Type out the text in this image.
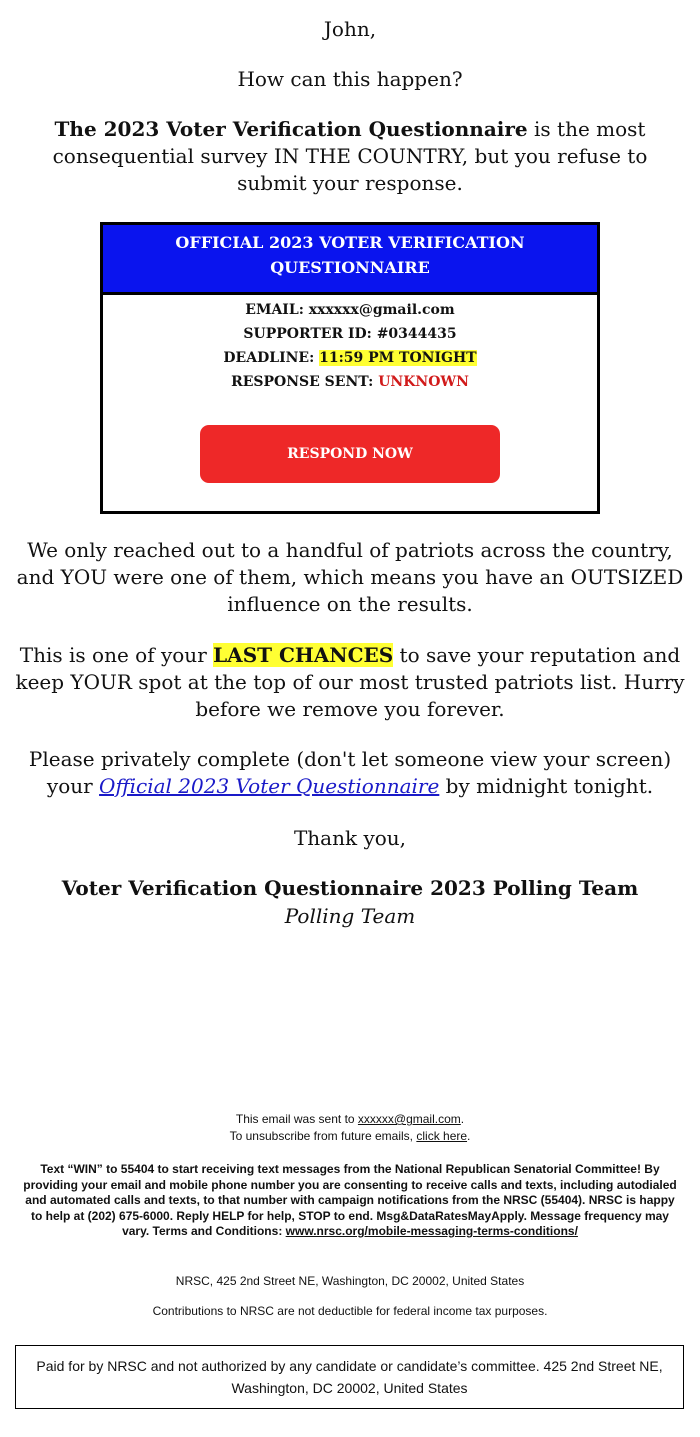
John,

How can this happen?

The 2023 Voter Verification Questionnaire is the most consequential survey IN THE COUNTRY, but you refuse to submit your response.

OFFICIAL 2023 VOTER VERIFICATION QUESTIONNAIRE

EMAIL: xxxxxx@gmail.com

SUPPORTER ID: #0344435

DEADLINE: 11:59 PM TONIGHT

RESPONSE SENT: UNKNOWN

RESPOND NOW

We only reached out to a handful of patriots across the country, and YOU were one of them, which means you have an OUTSIZED influence on the results.

This is one of your LAST CHANCES to save your reputation and keep YOUR spot at the top of our most trusted patriots list. Hurry before we remove you forever.

Please privately complete (don't let someone view your screen) your Official 2023 Voter Questionnaire by midnight tonight.

Thank you,

Voter Verification Questionnaire 2023 Polling Team

Polling Team

This email was sent to xxxxxx@gmail.com.

To unsubscribe from future emails, click here.

Text “WIN” to 55404 to start receiving text messages from the National Republican Senatorial Committee! By providing your email and mobile phone number you are consenting to receive calls and texts, including autodialed and automated calls and texts, to that number with campaign notifications from the NRSC (55404). NRSC is happy to help at (202) 675-6000. Reply HELP for help, STOP to end. Msg&DataRatesMayApply. Message frequency may vary. Terms and Conditions: www.nrsc.org/mobile-messaging-terms-conditions/

NRSC, 425 2nd Street NE, Washington, DC 20002, United States

Contributions to NRSC are not deductible for federal income tax purposes.

Paid for by NRSC and not authorized by any candidate or candidate’s committee. 425 2nd Street NE, Washington, DC 20002, United States
